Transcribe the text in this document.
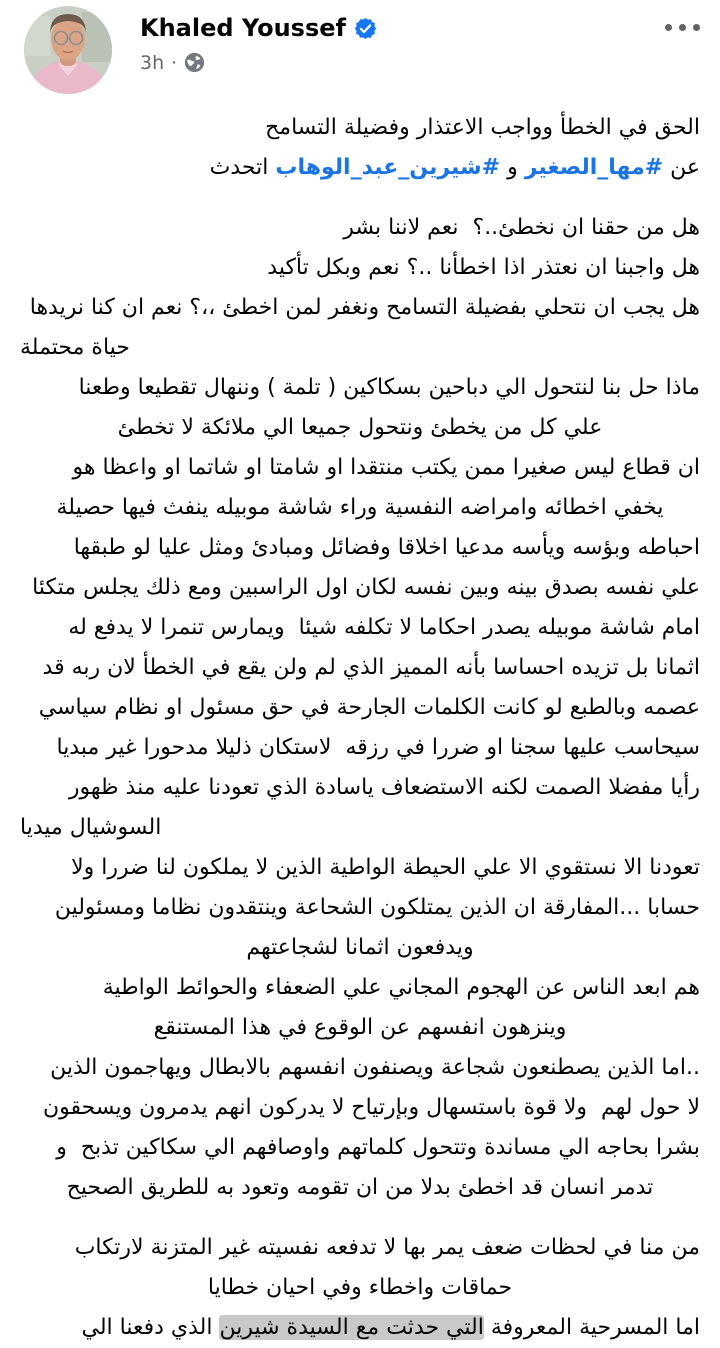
Khaled Youssef
3h ·
الحق في الخطأ وواجب الاعتذار وفضيلة التسامح
عن #مها_الصغير و #شيرين_عبد_الوهاب اتحدث
هل من حقنا ان نخطئ..؟  نعم لاننا بشر
هل واجبنا ان نعتذر اذا اخطأنا ..؟ نعم وبكل تأكيد
هل يجب ان نتحلي بفضيلة التسامح ونغفر لمن اخطئ ،،؟ نعم ان كنا نريدها
حياة محتملة
ماذا حل بنا لنتحول الي دباحين بسكاكين ( تلمة ) وننهال تقطيعا وطعنا
علي كل من يخطئ ونتحول جميعا الي ملائكة لا تخطئ
ان قطاع ليس صغيرا ممن يكتب منتقدا او شامتا او شاتما او واعظا هو
يخفي اخطائه وامراضه النفسية وراء شاشة موبيله ينفث فيها حصيلة
احباطه وبؤسه ويأسه مدعيا اخلاقا وفضائل ومبادئ ومثل عليا لو طبقها
علي نفسه بصدق بينه وبين نفسه لكان اول الراسبين ومع ذلك يجلس متكئا
امام شاشة موبيله يصدر احكاما لا تكلفه شيئا  ويمارس تنمرا لا يدفع له
اثمانا بل تزيده احساسا بأنه المميز الذي لم ولن يقع في الخطأ لان ربه قد
عصمه وبالطبع لو كانت الكلمات الجارحة في حق مسئول او نظام سياسي
سيحاسب عليها سجنا او ضررا في رزقه  لاستكان ذليلا مدحورا غير مبديا
رأيا مفضلا الصمت لكنه الاستضعاف ياسادة الذي تعودنا عليه منذ ظهور
السوشيال ميديا
تعودنا الا نستقوي الا علي الحيطة الواطية الذين لا يملكون لنا ضررا ولا
حسابا ...المفارقة ان الذين يمتلكون الشحاعة وينتقدون نظاما ومسئولين
ويدفعون اثمانا لشجاعتهم
هم ابعد الناس عن الهجوم المجاني علي الضعفاء والحوائط الواطية
وينزهون انفسهم عن الوقوع في هذا المستنقع
..اما الذين يصطنعون شجاعة ويصنفون انفسهم بالابطال ويهاجمون الذين
لا حول لهم  ولا قوة باستسهال وبإرتياح لا يدركون انهم يدمرون ويسحقون
بشرا بحاجه الي مساندة وتتحول كلماتهم واوصافهم الي سكاكين تذبح  و
تدمر انسان قد اخطئ بدلا من ان تقومه وتعود به للطريق الصحيح
من منا في لحظات ضعف يمر بها لا تدفعه نفسيته غير المتزنة لارتكاب
حماقات واخطاء وفي احيان خطايا
اما المسرحية المعروفة التي حدثت مع السيدة شيرين الذي دفعنا الي
